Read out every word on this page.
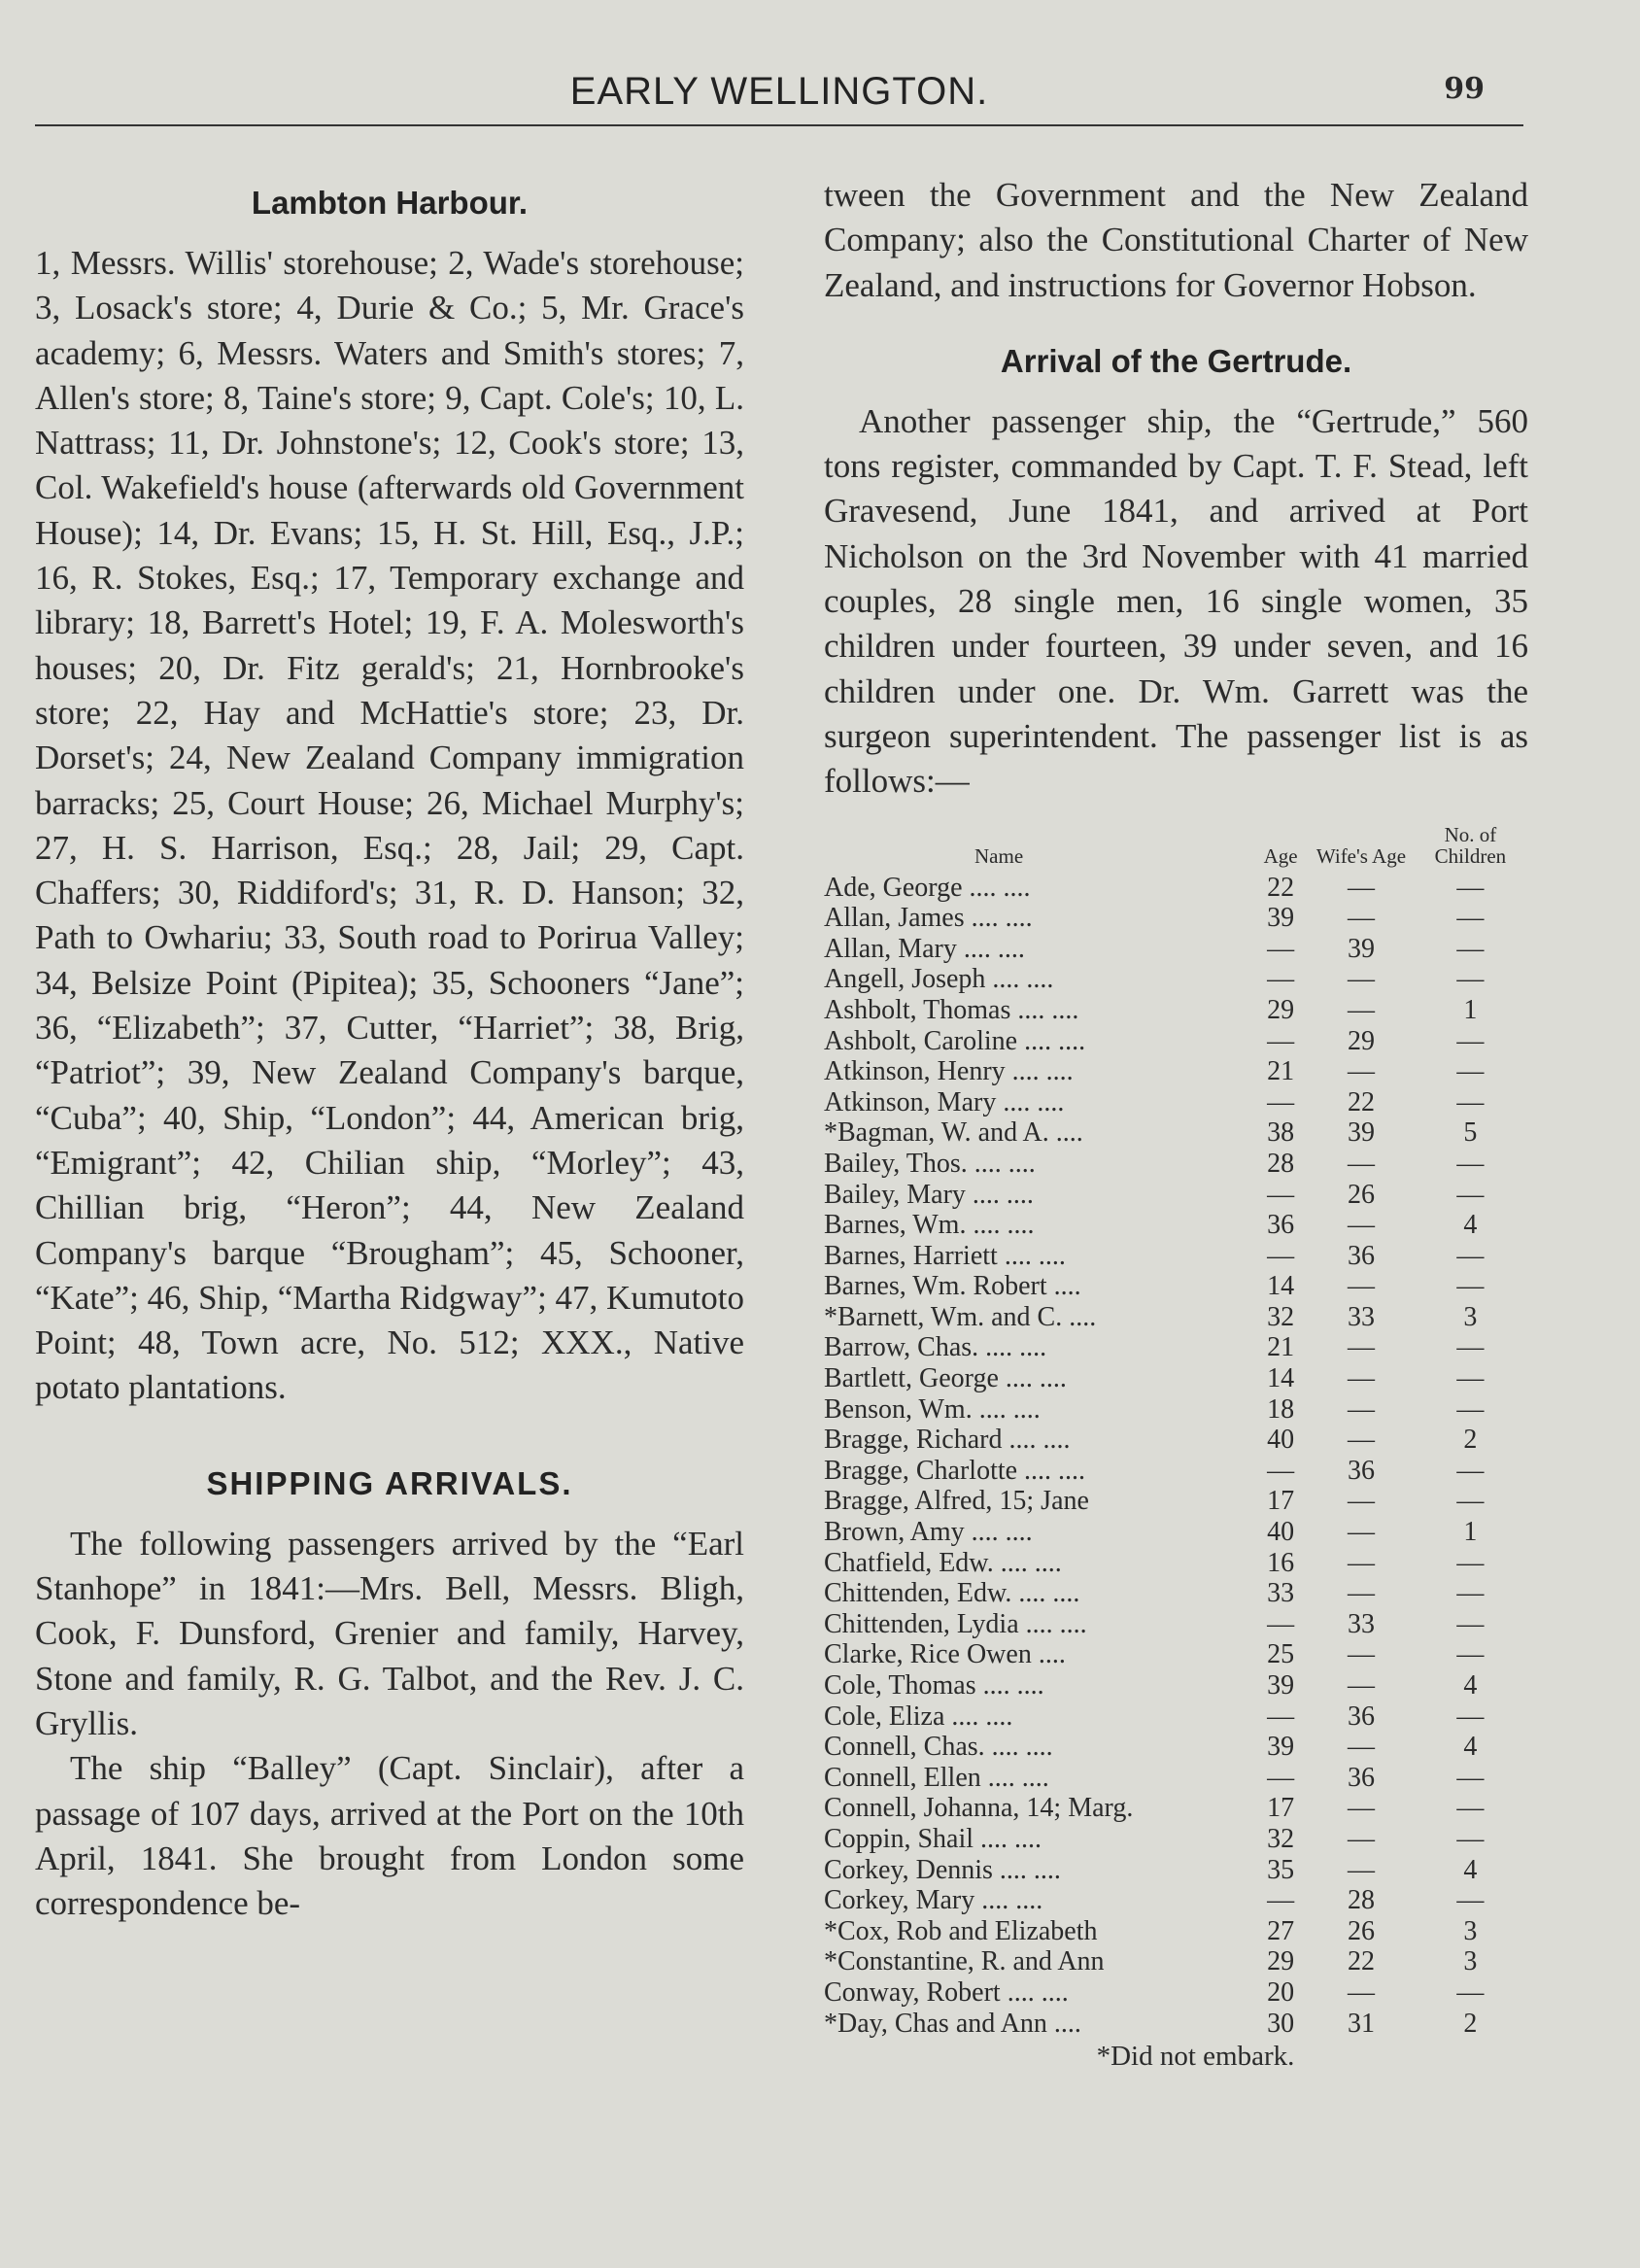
EARLY WELLINGTON.	99
Lambton Harbour.

1, Messrs. Willis' storehouse; 2, Wade's storehouse; 3, Losack's store; 4, Durie & Co.; 5, Mr. Grace's academy; 6, Messrs. Waters and Smith's stores; 7, Allen's store; 8, Taine's store; 9, Capt. Cole's; 10, L. Nattrass; 11, Dr. Johnstone's; 12, Cook's store; 13, Col. Wakefield's house (afterwards old Government House); 14, Dr. Evans; 15, H. St. Hill, Esq., J.P.; 16, R. Stokes, Esq.; 17, Temporary exchange and library; 18, Barrett's Hotel; 19, F. A. Molesworth's houses; 20, Dr. Fitz gerald's; 21, Hornbrooke's store; 22, Hay and McHattie's store; 23, Dr. Dorset's; 24, New Zealand Company immigration barracks; 25, Court House; 26, Michael Murphy's; 27, H. S. Harrison, Esq.; 28, Jail; 29, Capt. Chaffers; 30, Riddiford's; 31, R. D. Hanson; 32, Path to Owhariu; 33, South road to Porirua Valley; 34, Belsize Point (Pipitea); 35, Schooners “Jane”; 36, “Elizabeth”; 37, Cutter, “Harriet”; 38, Brig, “Patriot”; 39, New Zealand Company's barque, “Cuba”; 40, Ship, “London”; 44, American brig, “Emigrant”; 42, Chilian ship, “Morley”; 43, Chillian brig, “Heron”; 44, New Zealand Company's barque “Brougham”; 45, Schooner, “Kate”; 46, Ship, “Martha Ridgway”; 47, Kumutoto Point; 48, Town acre, No. 512; XXX., Native potato plantations.

SHIPPING ARRIVALS.

The following passengers arrived by the “Earl Stanhope” in 1841:—Mrs. Bell, Messrs. Bligh, Cook, F. Dunsford, Grenier and family, Harvey, Stone and family, R. G. Talbot, and the Rev. J. C. Gryllis.

The ship “Balley” (Capt. Sinclair), after a passage of 107 days, arrived at the Port on the 10th April, 1841. She brought from London some correspondence be-

tween the Government and the New Zealand Company; also the Constitutional Charter of New Zealand, and instructions for Governor Hobson.

Arrival of the Gertrude.

Another passenger ship, the “Gertrude,” 560 tons register, commanded by Capt. T. F. Stead, left Gravesend, June 1841, and arrived at Port Nicholson on the 3rd November with 41 married couples, 28 single men, 16 single women, 35 children under fourteen, 39 under seven, and 16 children under one. Dr. Wm. Garrett was the surgeon superintendent. The passenger list is as follows:—

Name	Age	Wife's Age	No. of Children
Ade, George .... ....	22	—	—
Allan, James .... ....	39	—	—
Allan, Mary .... ....	—	39	—
Angell, Joseph .... ....	—	—	—
Ashbolt, Thomas .... ....	29	—	1
Ashbolt, Caroline .... ....	—	29	—
Atkinson, Henry .... ....	21	—	—
Atkinson, Mary .... ....	—	22	—
*Bagman, W. and A. ....	38	39	5
Bailey, Thos. .... ....	28	—	—
Bailey, Mary .... ....	—	26	—
Barnes, Wm. .... ....	36	—	4
Barnes, Harriett .... ....	—	36	—
Barnes, Wm. Robert ....	14	—	—
*Barnett, Wm. and C. ....	32	33	3
Barrow, Chas. .... ....	21	—	—
Bartlett, George .... ....	14	—	—
Benson, Wm. .... ....	18	—	—
Bragge, Richard .... ....	40	—	2
Bragge, Charlotte .... ....	—	36	—
Bragge, Alfred, 15; Jane	17	—	—
Brown, Amy .... ....	40	—	1
Chatfield, Edw. .... ....	16	—	—
Chittenden, Edw. .... ....	33	—	—
Chittenden, Lydia .... ....	—	33	—
Clarke, Rice Owen ....	25	—	—
Cole, Thomas .... ....	39	—	4
Cole, Eliza .... ....	—	36	—
Connell, Chas. .... ....	39	—	4
Connell, Ellen .... ....	—	36	—
Connell, Johanna, 14; Marg.	17	—	—
Coppin, Shail .... ....	32	—	—
Corkey, Dennis .... ....	35	—	4
Corkey, Mary .... ....	—	28	—
*Cox, Rob and Elizabeth	27	26	3
*Constantine, R. and Ann	29	22	3
Conway, Robert .... ....	20	—	—
*Day, Chas and Ann ....	30	31	2
*Did not embark.
